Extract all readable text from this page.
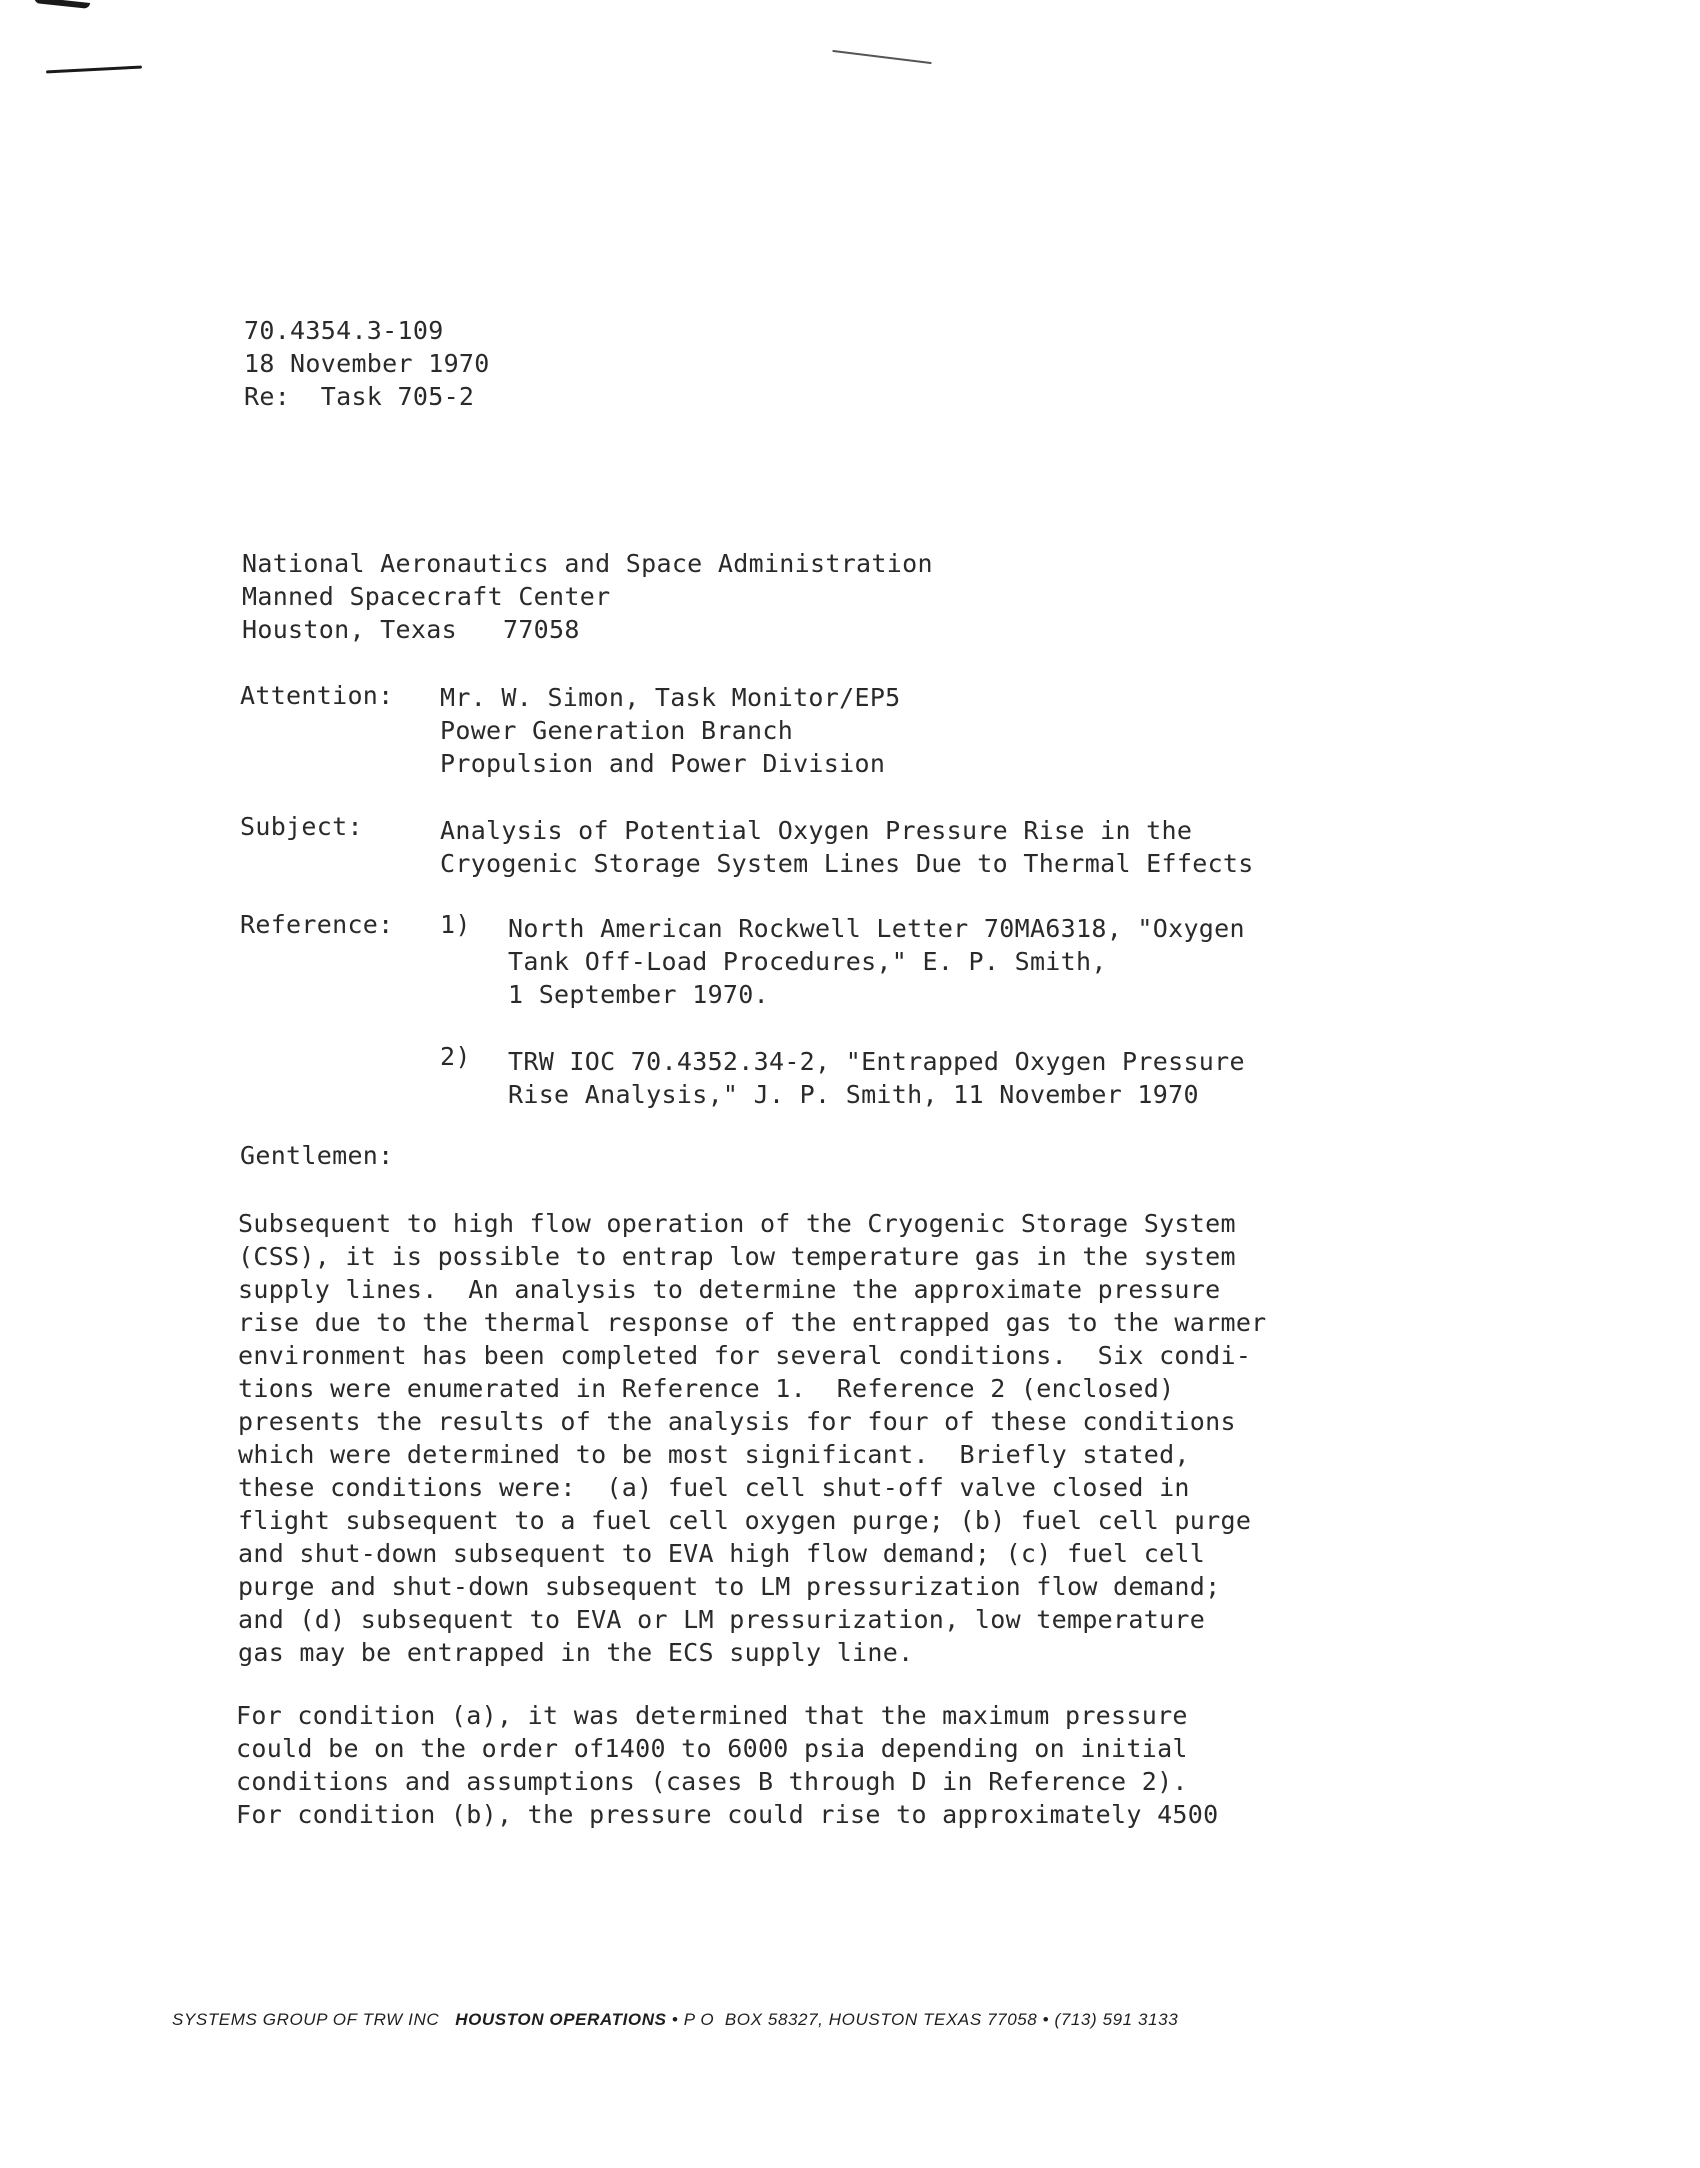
70.4354.3-109
18 November 1970
Re:  Task 705-2
National Aeronautics and Space Administration
Manned Spacecraft Center
Houston, Texas   77058
Attention: Mr. W. Simon, Task Monitor/EP5
Power Generation Branch
Propulsion and Power Division
Subject:	Analysis of Potential Oxygen Pressure Rise in the
Cryogenic Storage System Lines Due to Thermal Effects
Reference: 1) North American Rockwell Letter 70MA6318, "Oxygen
Tank Off-Load Procedures," E. P. Smith,
1 September 1970.
2) TRW IOC 70.4352.34-2, "Entrapped Oxygen Pressure
Rise Analysis," J. P. Smith, 11 November 1970
Gentlemen:
Subsequent to high flow operation of the Cryogenic Storage System
(CSS), it is possible to entrap low temperature gas in the system
supply lines.  An analysis to determine the approximate pressure
rise due to the thermal response of the entrapped gas to the warmer
environment has been completed for several conditions.  Six condi-
tions were enumerated in Reference 1.  Reference 2 (enclosed)
presents the results of the analysis for four of these conditions
which were determined to be most significant.  Briefly stated,
these conditions were:  (a) fuel cell shut-off valve closed in
flight subsequent to a fuel cell oxygen purge; (b) fuel cell purge
and shut-down subsequent to EVA high flow demand; (c) fuel cell
purge and shut-down subsequent to LM pressurization flow demand;
and (d) subsequent to EVA or LM pressurization, low temperature
gas may be entrapped in the ECS supply line.
For condition (a), it was determined that the maximum pressure
could be on the order of1400 to 6000 psia depending on initial
conditions and assumptions (cases B through D in Reference 2).
For condition (b), the pressure could rise to approximately 4500
SYSTEMS GROUP OF TRW INC HOUSTON OPERATIONS • P O  BOX 58327, HOUSTON TEXAS 77058 • (713) 591 3133
